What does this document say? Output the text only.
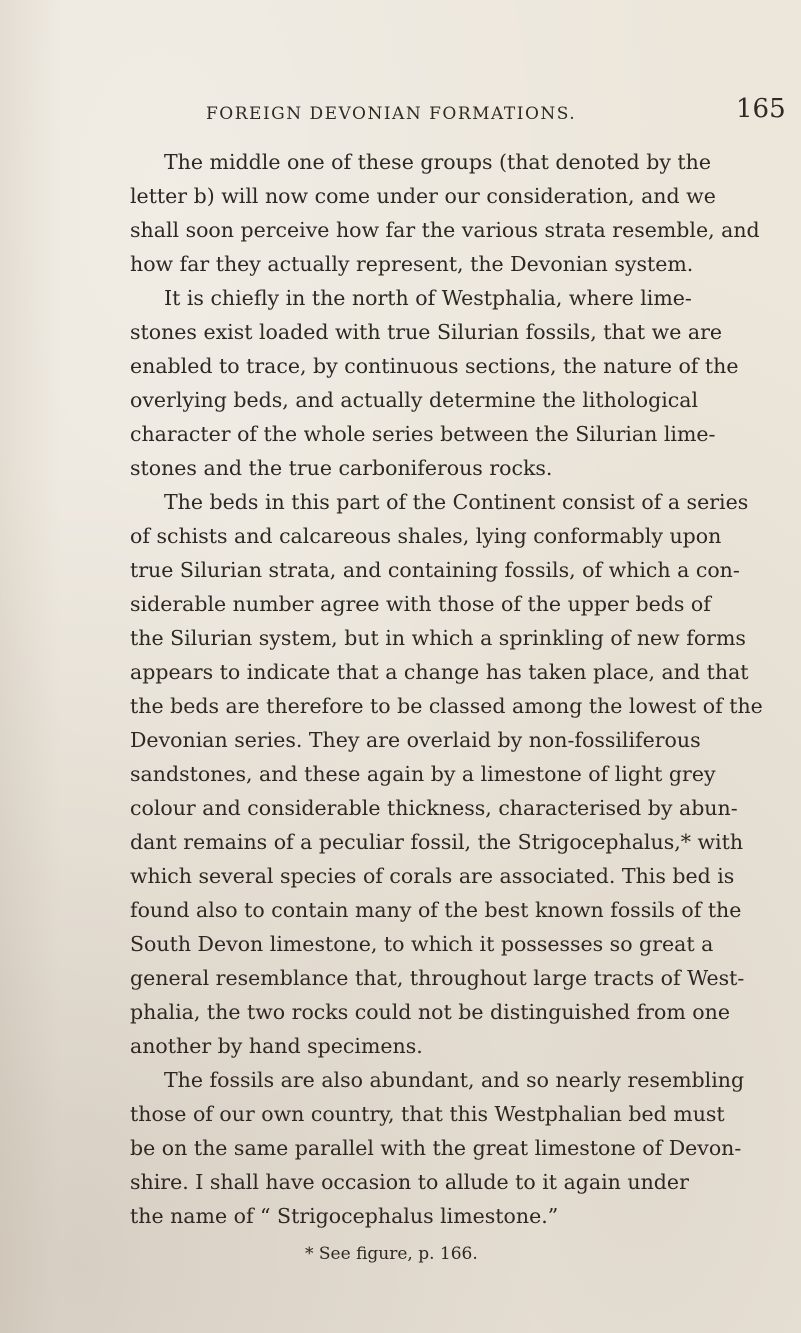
FOREIGN DEVONIAN FORMATIONS.	165
The middle one of these groups (that denoted by the
letter b) will now come under our consideration, and we
shall soon perceive how far the various strata resemble, and
how far they actually represent, the Devonian system.
It is chiefly in the north of Westphalia, where lime-
stones exist loaded with true Silurian fossils, that we are
enabled to trace, by continuous sections, the nature of the
overlying beds, and actually determine the lithological
character of the whole series between the Silurian lime-
stones and the true carboniferous rocks.
The beds in this part of the Continent consist of a series
of schists and calcareous shales, lying conformably upon
true Silurian strata, and containing fossils, of which a con-
siderable number agree with those of the upper beds of
the Silurian system, but in which a sprinkling of new forms
appears to indicate that a change has taken place, and that
the beds are therefore to be classed among the lowest of the
Devonian series. They are overlaid by non-fossiliferous
sandstones, and these again by a limestone of light grey
colour and considerable thickness, characterised by abun-
dant remains of a peculiar fossil, the Strigocephalus,* with
which several species of corals are associated. This bed is
found also to contain many of the best known fossils of the
South Devon limestone, to which it possesses so great a
general resemblance that, throughout large tracts of West-
phalia, the two rocks could not be distinguished from one
another by hand specimens.
The fossils are also abundant, and so nearly resembling
those of our own country, that this Westphalian bed must
be on the same parallel with the great limestone of Devon-
shire. I shall have occasion to allude to it again under
the name of “ Strigocephalus limestone.”
* See figure, p. 166.
